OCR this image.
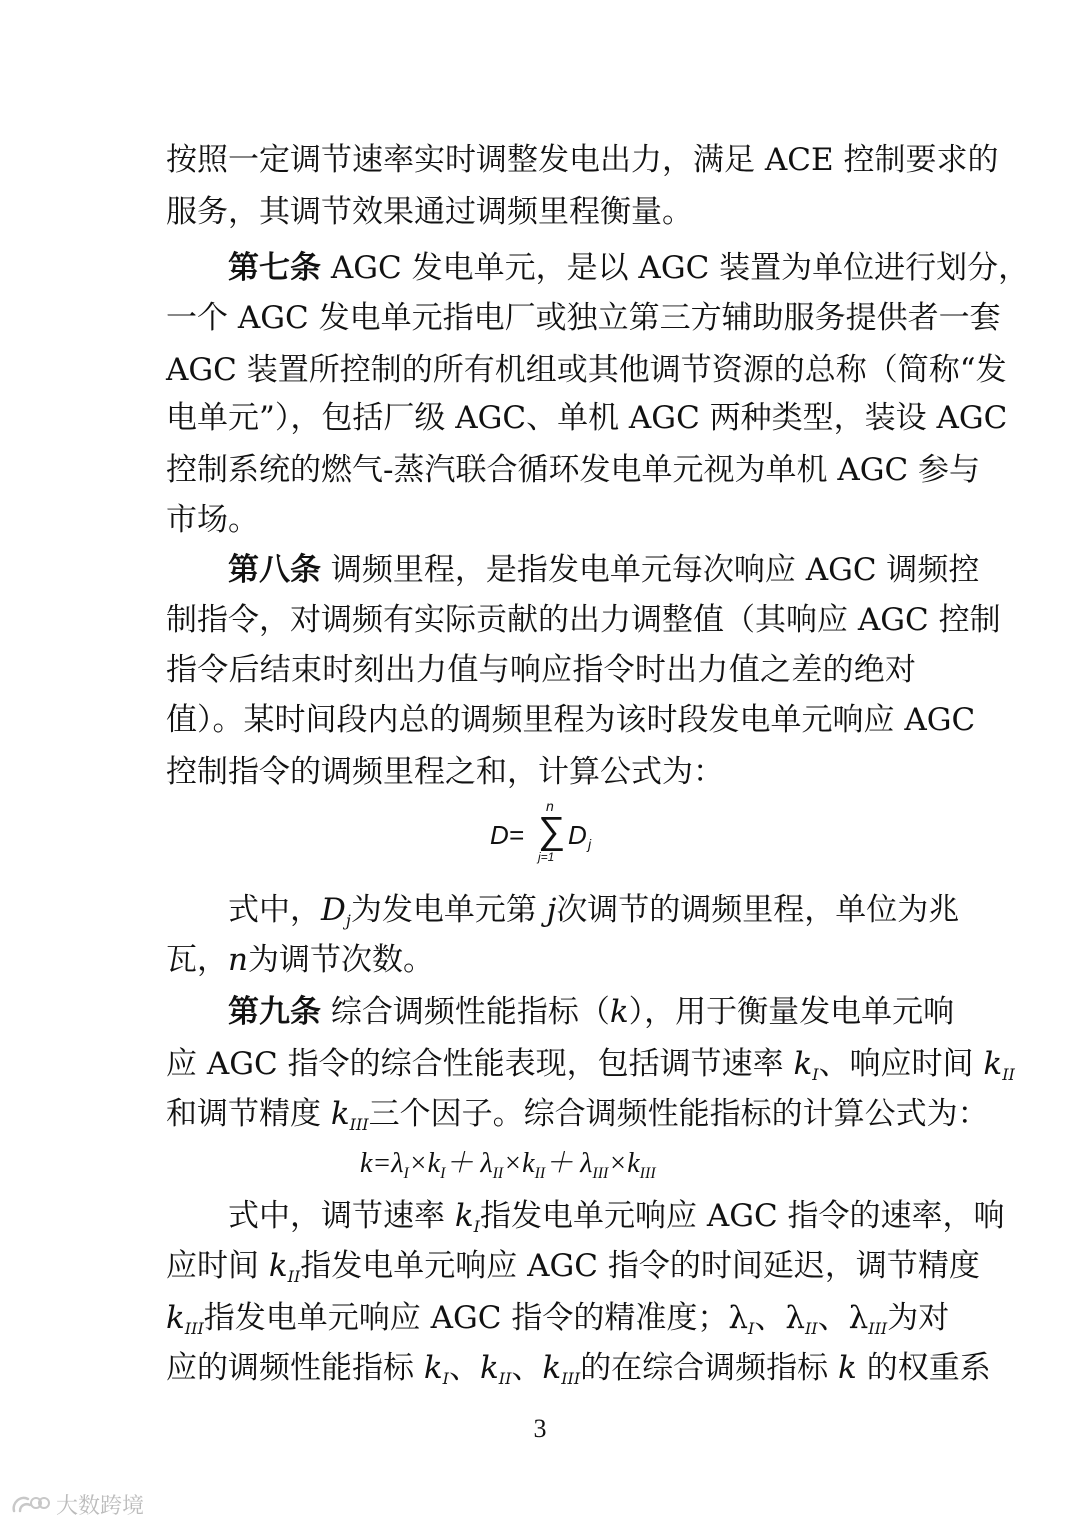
按照一定调节速率实时调整发电出力，满足 ACE 控制要求的
服务，其调节效果通过调频里程衡量。
第七条 AGC 发电单元，是以 AGC 装置为单位进行划分，
一个 AGC 发电单元指电厂或独立第三方辅助服务提供者一套
AGC 装置所控制的所有机组或其他调节资源的总称（简称“发
电单元”），包括厂级 AGC、单机 AGC 两种类型，装设 AGC
控制系统的燃气-蒸汽联合循环发电单元视为单机 AGC 参与
市场。
第八条 调频里程，是指发电单元每次响应 AGC 调频控
制指令，对调频有实际贡献的出力调整值（其响应 AGC 控制
指令后结束时刻出力值与响应指令时出力值之差的绝对
值）。某时间段内总的调频里程为该时段发电单元响应 AGC
控制指令的调频里程之和，计算公式为：
D= ∑
n
j=1
D j
式中，$D_j$为发电单元第 j次调节的调频里程，单位为兆
瓦，n为调节次数。
第九条 综合调频性能指标（k），用于衡量发电单元响
应 AGC 指令的综合性能表现，包括调节速率 $k_I$、响应时间 $k_{II}$
和调节精度 $k_{III}$三个因子。综合调频性能指标的计算公式为：
$k=\lambda_I\times k_I+ \lambda_{II}\times k_{II}+ \lambda_{III}\times k_{III}$
式中，调节速率 $k_I$指发电单元响应 AGC 指令的速率，响
应时间 $k_{II}$指发电单元响应 AGC 指令的时间延迟，调节精度
$k_{III}$指发电单元响应 AGC 指令的精准度；$\lambda_I$、$\lambda_{II}$、$\lambda_{III}$为对
应的调频性能指标 $k_I$、$k_{II}$、$k_{III}$的在综合调频指标 k 的权重系
3
大数跨境
